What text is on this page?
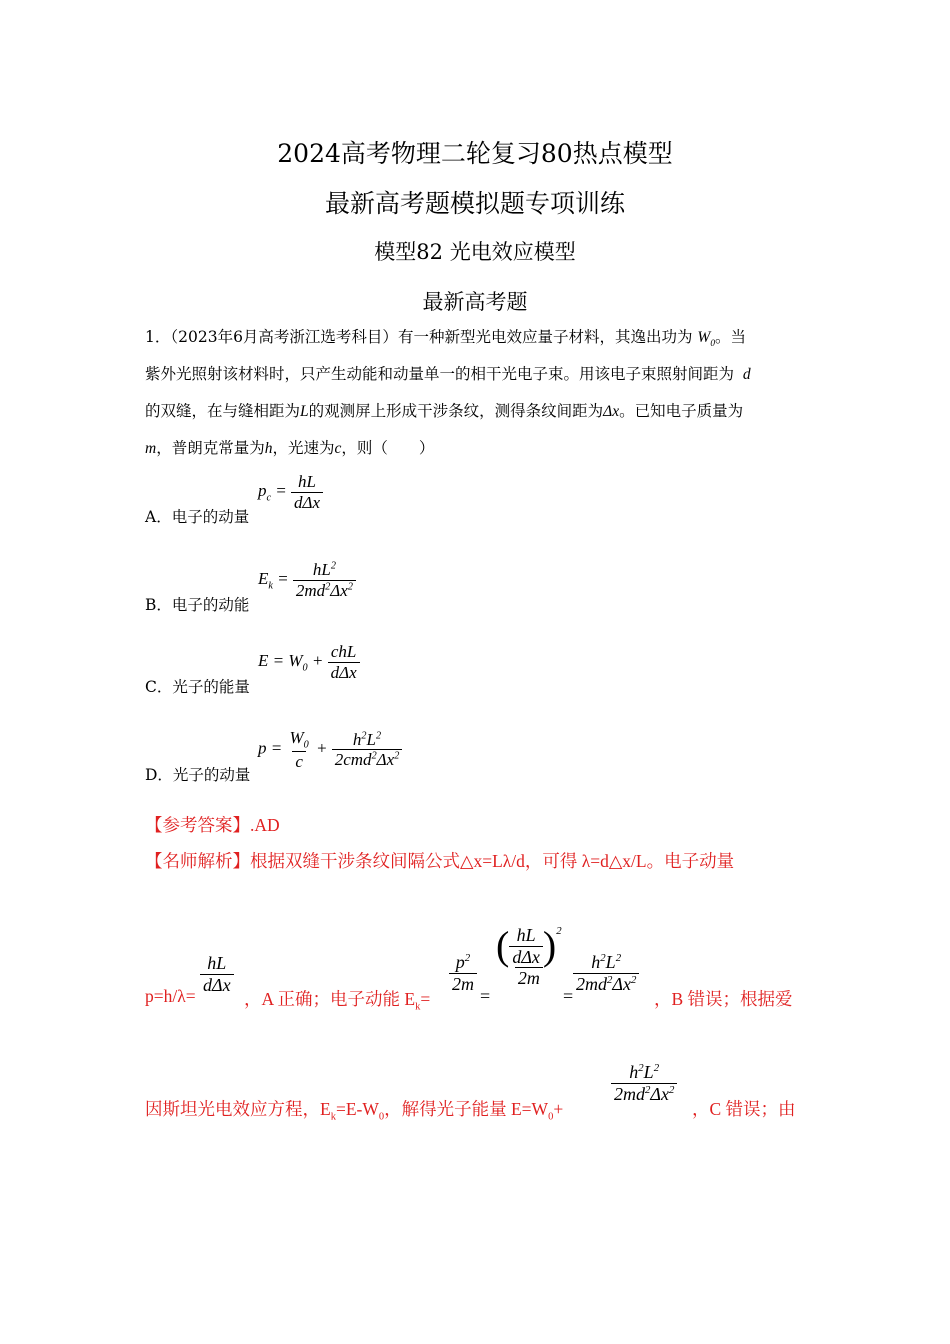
2024高考物理二轮复习80热点模型
最新高考题模拟题专项训练
模型82 光电效应模型
最新高考题
1．（2023年6月高考浙江选考科目）有一种新型光电效应量子材料，其逸出功为 $W_0$。当
紫外光照射该材料时，只产生动能和动量单一的相干光电子束。用该电子束照射间距为  d
的双缝，在与缝相距为L的观测屏上形成干涉条纹，测得条纹间距为Δx。已知电子质量为
m，普朗克常量为h，光速为c，则（　　）
A．电子的动量
$p_c = \frac{hL}{\text{dΔx}}$
B．电子的动能
$E_k = \frac{hL^2}{2md^2\Delta x^2}$
C．光子的能量
$E = W_0 + \frac{\text{chL}}{\text{dΔx}}$
D．光子的动量
$p = \frac{W_0}{c} + \frac{h^2L^2}{2cmd^2\Delta x^2}$
【参考答案】.AD
【名师解析】根据双缝干涉条纹间隔公式△x=Lλ/d，可得 λ=d△x/L。电子动量
p=h/λ=
$\frac{hL}{\text{dΔx}}$
，A 正确；电子动能 $E_k=$
$\frac{p^2}{2m}$
=
$\frac{( \frac{hL}{\text{dΔx}} )^2}{2m}$
=
$\frac{h^2L^2}{2md^2\Delta x^2}$
，B 错误；根据爱
因斯坦光电效应方程，$E_k=E-W_0$，解得光子能量 $E=W_0+$
$\frac{h^2L^2}{2md^2\Delta x^2}$
，C 错误；由
